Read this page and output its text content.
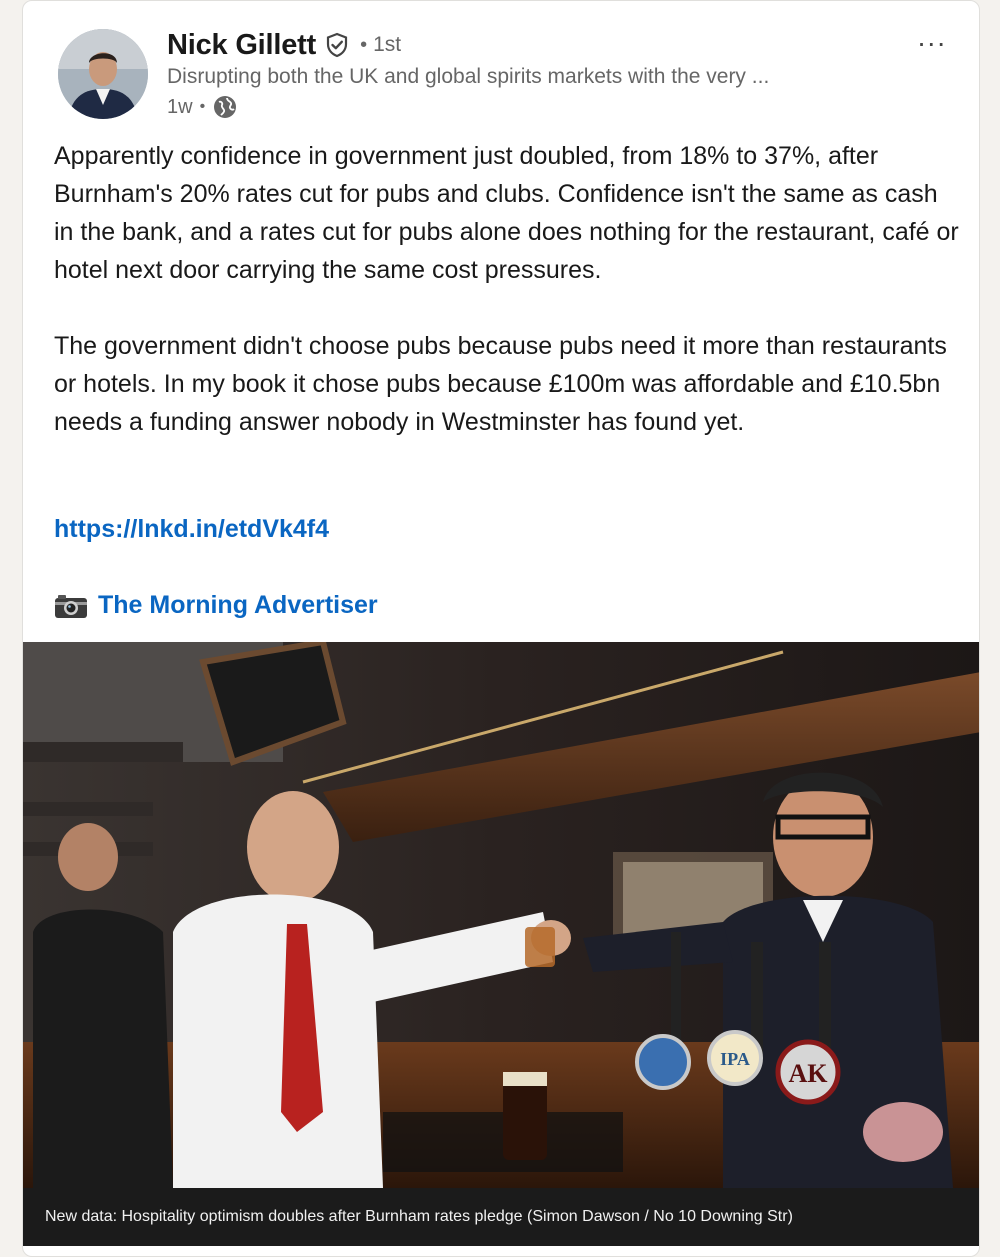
Nick Gillett • 1st
Disrupting both the UK and global spirits markets with the very ...
1w •
...

Apparently confidence in government just doubled, from 18% to 37%, after Burnham's 20% rates cut for pubs and clubs. Confidence isn't the same as cash in the bank, and a rates cut for pubs alone does nothing for the restaurant, café or hotel next door carrying the same cost pressures.

The government didn't choose pubs because pubs need it more than restaurants or hotels. In my book it chose pubs because £100m was affordable and £10.5bn needs a funding answer nobody in Westminster has found yet.

https://lnkd.in/etdVk4f4
The Morning Advertiser
IPA AK
New data: Hospitality optimism doubles after Burnham rates pledge (Simon Dawson / No 10 Downing Str)
